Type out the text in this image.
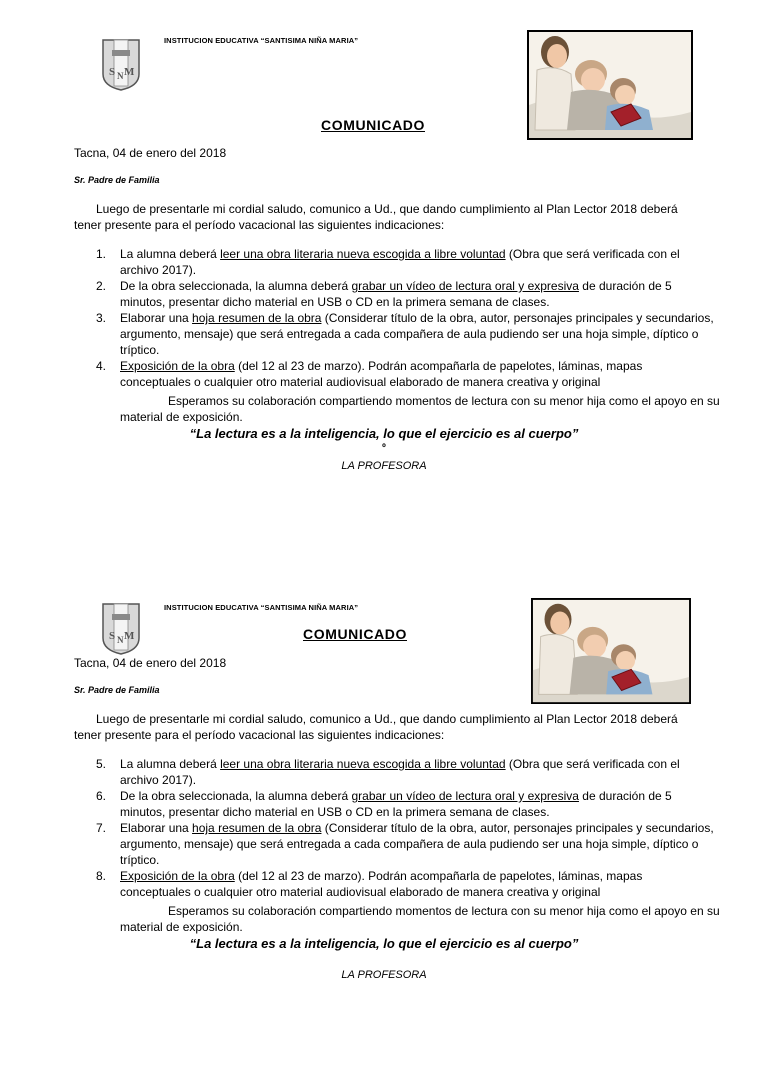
S N M
INSTITUCION EDUCATIVA “SANTISIMA NIÑA MARIA”
COMUNICADO
Tacna, 04 de enero del 2018
Sr. Padre de Familia
Luego de presentarle mi cordial saludo, comunico a Ud., que dando cumplimiento al Plan Lector 2018 deberá tener presente para el período vacacional las siguientes indicaciones:
1. La alumna deberá leer una obra literaria nueva escogida a libre voluntad (Obra que será verificada con el archivo 2017).
2. De la obra seleccionada, la alumna deberá grabar un vídeo de lectura oral y expresiva de duración de 5 minutos, presentar dicho material en USB o CD en la primera semana de clases.
3. Elaborar una hoja resumen de la obra (Considerar título de la obra, autor, personajes principales y secundarios, argumento, mensaje) que será entregada a cada compañera de aula pudiendo ser una hoja simple, díptico o tríptico.
4. Exposición de la obra (del 12 al 23 de marzo). Podrán acompañarla de papelotes, láminas, mapas conceptuales o cualquier otro material audiovisual elaborado de manera creativa y original
Esperamos su colaboración compartiendo momentos de lectura con su menor hija como el apoyo en su material de exposición.
“La lectura es a la inteligencia, lo que el ejercicio es al cuerpo”
º
LA PROFESORA
S N M
INSTITUCION EDUCATIVA “SANTISIMA NIÑA MARIA”
COMUNICADO
Tacna, 04 de enero del 2018
Sr. Padre de Familia
Luego de presentarle mi cordial saludo, comunico a Ud., que dando cumplimiento al Plan Lector 2018 deberá tener presente para el período vacacional las siguientes indicaciones:
5. La alumna deberá leer una obra literaria nueva escogida a libre voluntad (Obra que será verificada con el archivo 2017).
6. De la obra seleccionada, la alumna deberá grabar un vídeo de lectura oral y expresiva de duración de 5 minutos, presentar dicho material en USB o CD en la primera semana de clases.
7. Elaborar una hoja resumen de la obra (Considerar título de la obra, autor, personajes principales y secundarios, argumento, mensaje) que será entregada a cada compañera de aula pudiendo ser una hoja simple, díptico o tríptico.
8. Exposición de la obra (del 12 al 23 de marzo). Podrán acompañarla de papelotes, láminas, mapas conceptuales o cualquier otro material audiovisual elaborado de manera creativa y original
Esperamos su colaboración compartiendo momentos de lectura con su menor hija como el apoyo en su material de exposición.
“La lectura es a la inteligencia, lo que el ejercicio es al cuerpo”
LA PROFESORA
